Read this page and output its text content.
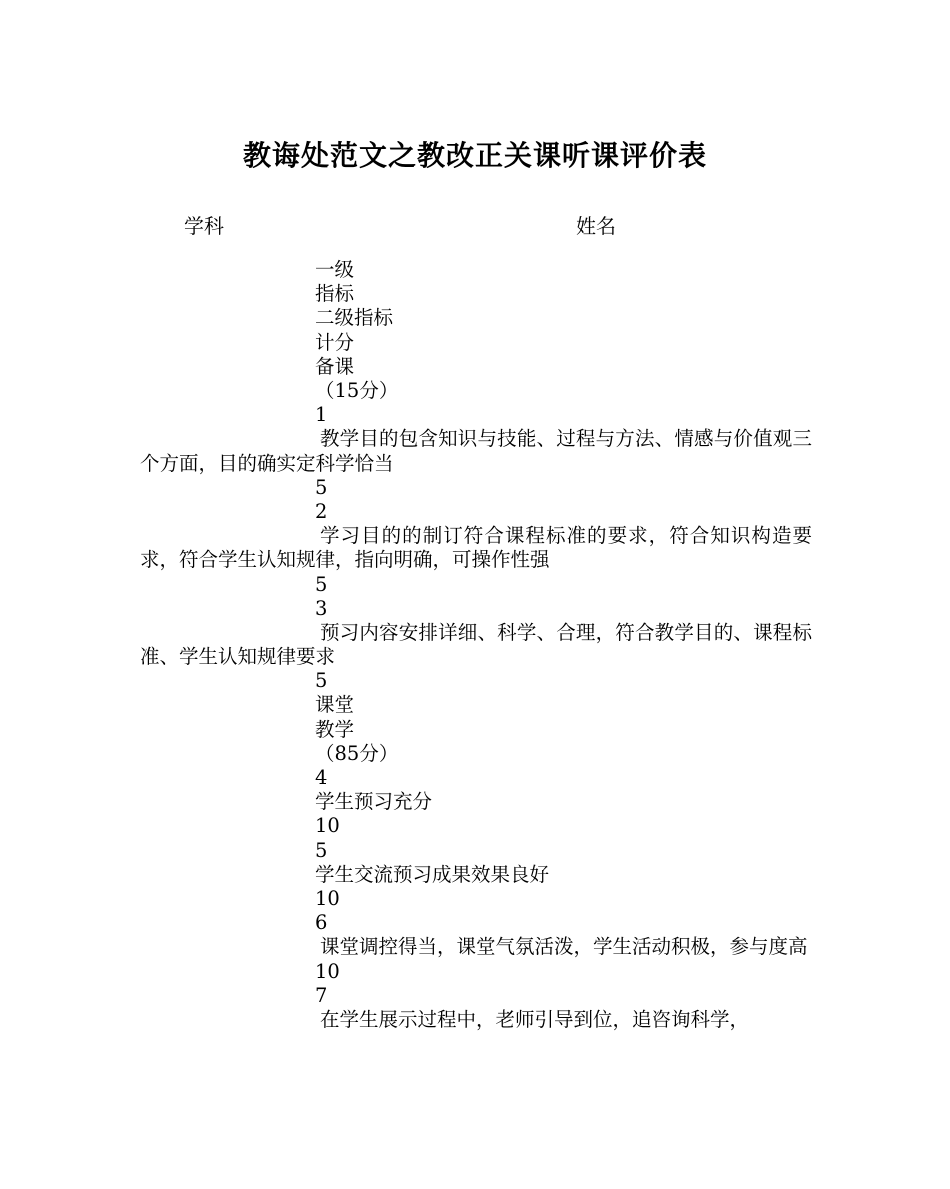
教诲处范文之教改正关课听课评价表
学科	姓名
一级
指标
二级指标
计分
备课
（15分）
1
教学目的包含知识与技能、过程与方法、情感与价值观三个方面，目的确实定科学恰当
5
2
学习目的的制订符合课程标准的要求，符合知识构造要求，符合学生认知规律，指向明确，可操作性强
5
3
预习内容安排详细、科学、合理，符合教学目的、课程标准、学生认知规律要求
5
课堂
教学
（85分）
4
学生预习充分
10
5
学生交流预习成果效果良好
10
6
课堂调控得当，课堂气氛活泼，学生活动积极，参与度高
10
7
在学生展示过程中，老师引导到位，追咨询科学，
